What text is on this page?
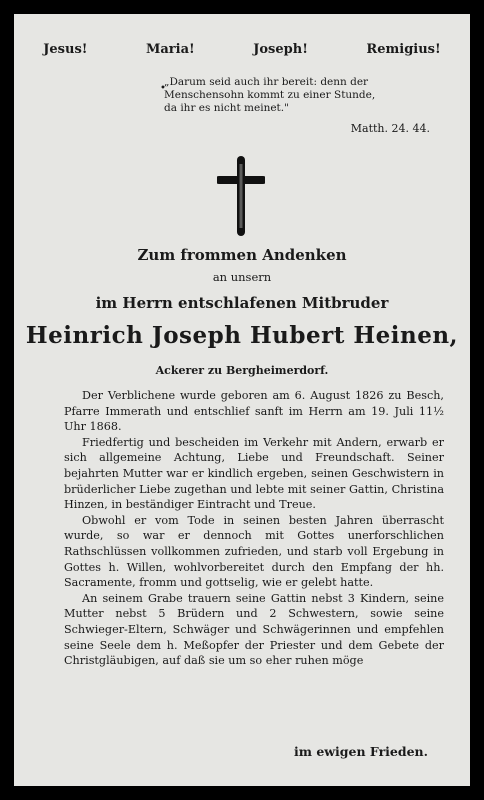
Jesus!	Maria!	Joseph!	Remigius!
•
„Darum seid auch ihr bereit: denn der
Menschensohn kommt zu einer Stunde,
da ihr es nicht meinet."
Matth. 24. 44.
Zum frommen Andenken
an unsern
im Herrn entschlafenen Mitbruder
Heinrich Joseph Hubert Heinen,
Ackerer zu Bergheimerdorf.
Der Verblichene wurde geboren am 6. August 1826 zu Besch, Pfarre Immerath und entschlief sanft im Herrn am 19. Juli 11½ Uhr 1868.
Friedfertig und bescheiden im Verkehr mit Andern, erwarb er sich allgemeine Achtung, Liebe und Freundschaft. Seiner bejahrten Mutter war er kindlich ergeben, seinen Geschwistern in brüderlicher Liebe zugethan und lebte mit seiner Gattin, Christina Hinzen, in beständiger Eintracht und Treue.
Obwohl er vom Tode in seinen besten Jahren überrascht wurde, so war er dennoch mit Gottes unerforschlichen Rathschlüssen vollkommen zufrieden, und starb voll Ergebung in Gottes h. Willen, wohlvorbereitet durch den Empfang der hh. Sacramente, fromm und gottselig, wie er gelebt hatte.
An seinem Grabe trauern seine Gattin nebst 3 Kindern, seine Mutter nebst 5 Brüdern und 2 Schwestern, sowie seine Schwieger-Eltern, Schwäger und Schwägerinnen und empfehlen seine Seele dem h. Meßopfer der Priester und dem Gebete der Christgläubigen, auf daß sie um so eher ruhen möge
im ewigen Frieden.
